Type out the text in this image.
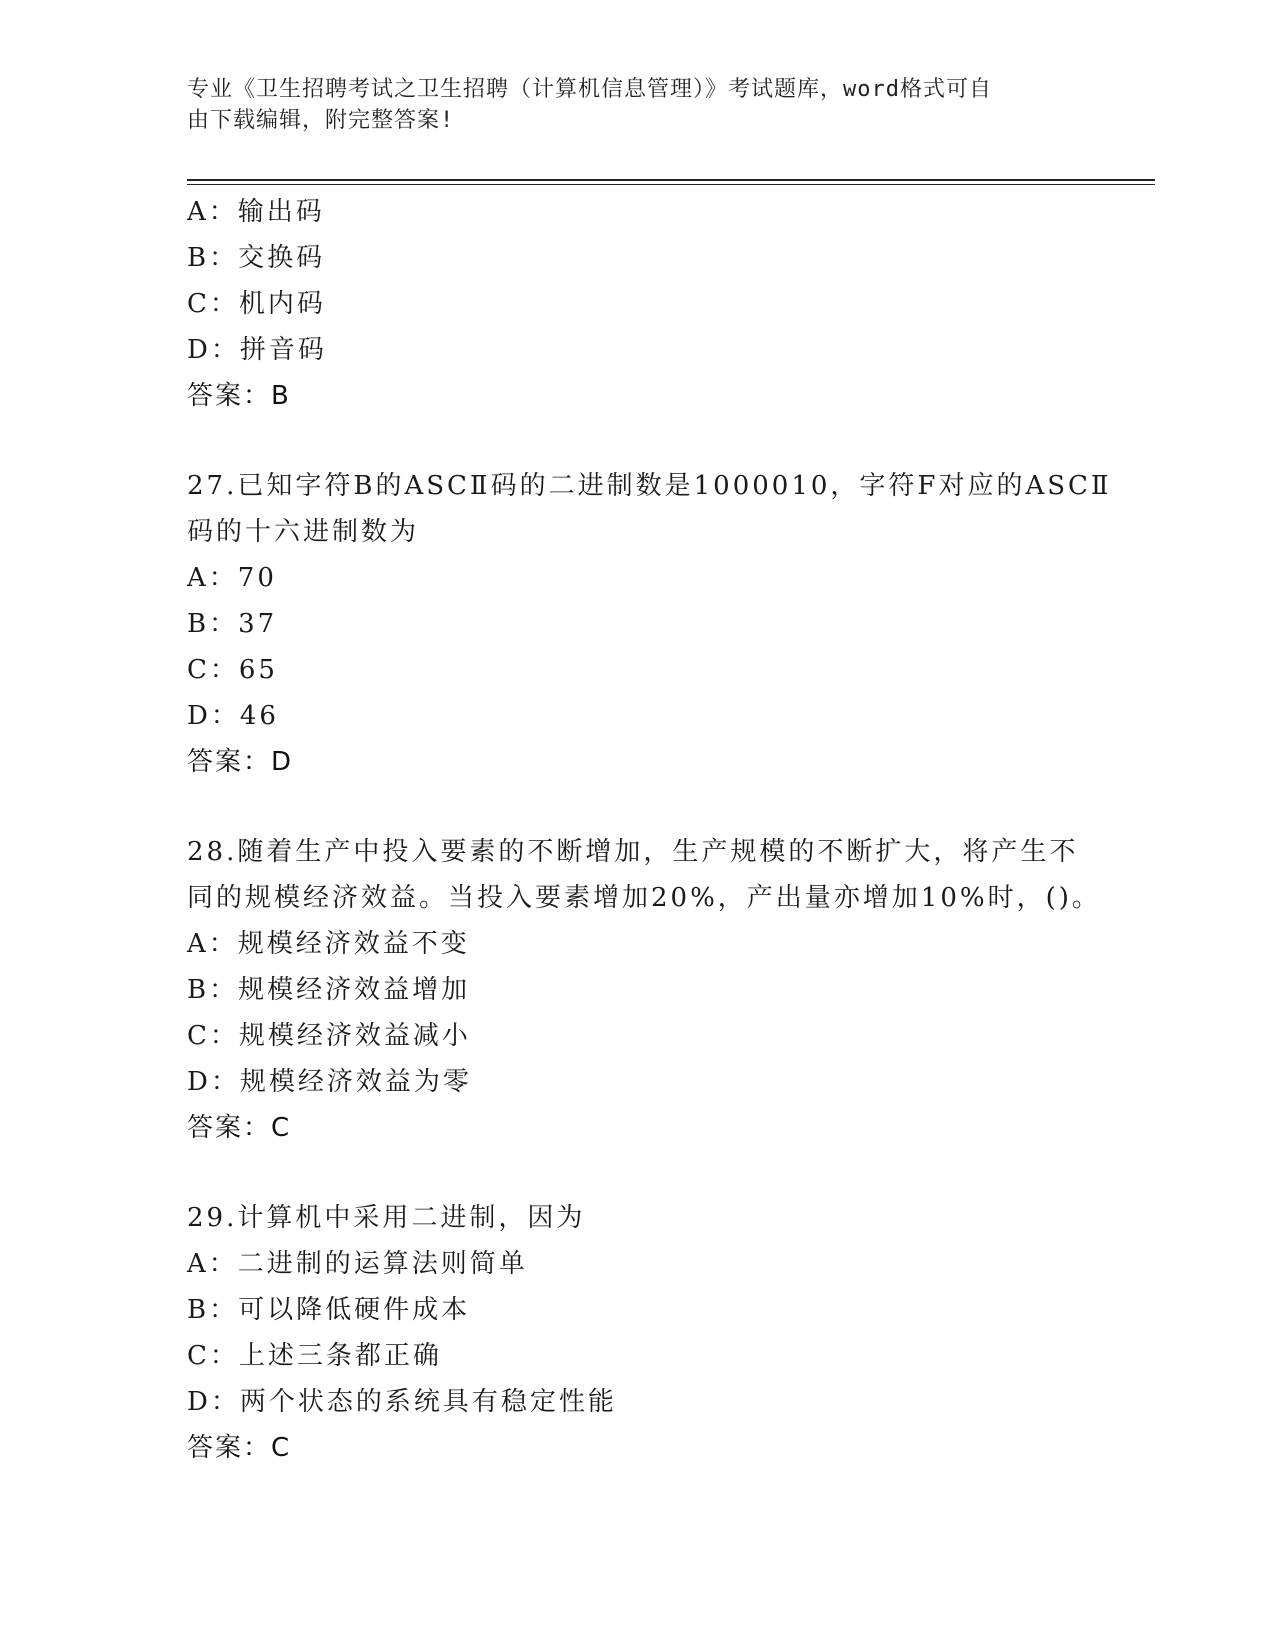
专业《卫生招聘考试之卫生招聘（计算机信息管理）》考试题库，word格式可自
由下载编辑，附完整答案!
A：输出码
B：交换码
C：机内码
D：拼音码
答案：B
27.已知字符B的ASCⅡ码的二进制数是1000010，字符F对应的ASCⅡ
码的十六进制数为
A：70
B：37
C：65
D：46
答案：D
28.随着生产中投入要素的不断增加，生产规模的不断扩大，将产生不
同的规模经济效益。当投入要素增加20%，产出量亦增加10%时，()。
A：规模经济效益不变
B：规模经济效益增加
C：规模经济效益减小
D：规模经济效益为零
答案：C
29.计算机中采用二进制，因为
A：二进制的运算法则简单
B：可以降低硬件成本
C：上述三条都正确
D：两个状态的系统具有稳定性能
答案：C
